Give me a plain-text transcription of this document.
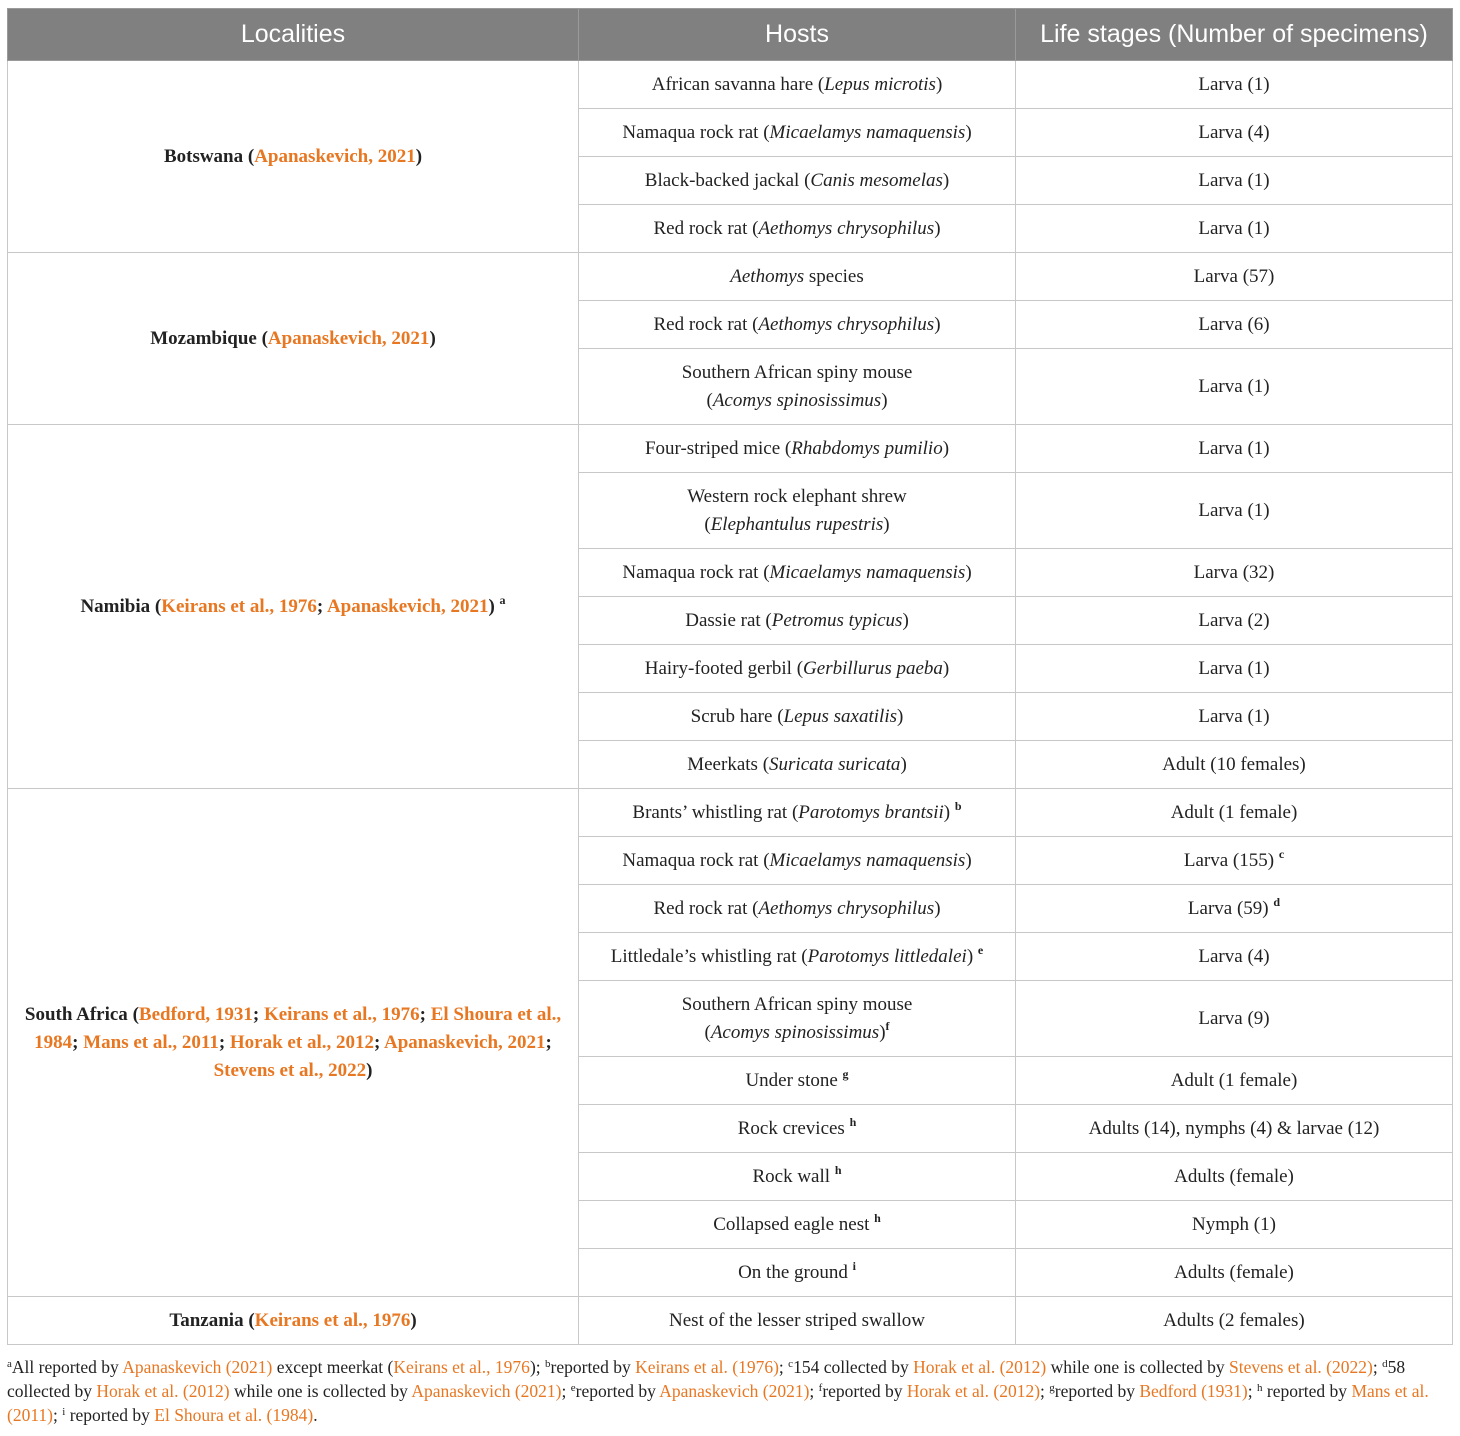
Localities	Hosts	Life stages (Number of specimens)
Botswana (Apanaskevich, 2021)	African savanna hare (Lepus microtis)	Larva (1)
	Namaqua rock rat (Micaelamys namaquensis)	Larva (4)
	Black-backed jackal (Canis mesomelas)	Larva (1)
	Red rock rat (Aethomys chrysophilus)	Larva (1)
Mozambique (Apanaskevich, 2021)	Aethomys species	Larva (57)
	Red rock rat (Aethomys chrysophilus)	Larva (6)
	Southern African spiny mouse
(Acomys spinosissimus)	Larva (1)
Namibia (Keirans et al., 1976; Apanaskevich, 2021) $^a$	Four-striped mice (Rhabdomys pumilio)	Larva (1)
	Western rock elephant shrew
(Elephantulus rupestris)	Larva (1)
	Namaqua rock rat (Micaelamys namaquensis)	Larva (32)
	Dassie rat (Petromus typicus)	Larva (2)
	Hairy-footed gerbil (Gerbillurus paeba)	Larva (1)
	Scrub hare (Lepus saxatilis)	Larva (1)
	Meerkats (Suricata suricata)	Adult (10 females)
South Africa (Bedford, 1931; Keirans et al., 1976; El Shoura et al., 1984; Mans et al., 2011; Horak et al., 2012; Apanaskevich, 2021; Stevens et al., 2022)	Brants’ whistling rat (Parotomys brantsii) $^b$	Adult (1 female)
	Namaqua rock rat (Micaelamys namaquensis)	Larva (155) $^c$
	Red rock rat (Aethomys chrysophilus)	Larva (59) $^d$
	Littledale’s whistling rat (Parotomys littledalei) $^e$	Larva (4)
	Southern African spiny mouse
(Acomys spinosissimus)$^f$	Larva (9)
	Under stone $^g$	Adult (1 female)
	Rock crevices $^h$	Adults (14), nymphs (4) & larvae (12)
	Rock wall $^h$	Adults (female)
	Collapsed eagle nest $^h$	Nymph (1)
	On the ground $^i$	Adults (female)
Tanzania (Keirans et al., 1976)	Nest of the lesser striped swallow	Adults (2 females)
$^a$All reported by Apanaskevich (2021) except meerkat (Keirans et al., 1976); $^b$reported by Keirans et al. (1976); $^c$154 collected by Horak et al. (2012) while one is collected by Stevens et al. (2022); $^d$58 collected by Horak et al. (2012) while one is collected by Apanaskevich (2021); $^e$reported by Apanaskevich (2021); $^f$reported by Horak et al. (2012); $^g$reported by Bedford (1931); $^h$ reported by Mans et al. (2011); $^i$ reported by El Shoura et al. (1984).
